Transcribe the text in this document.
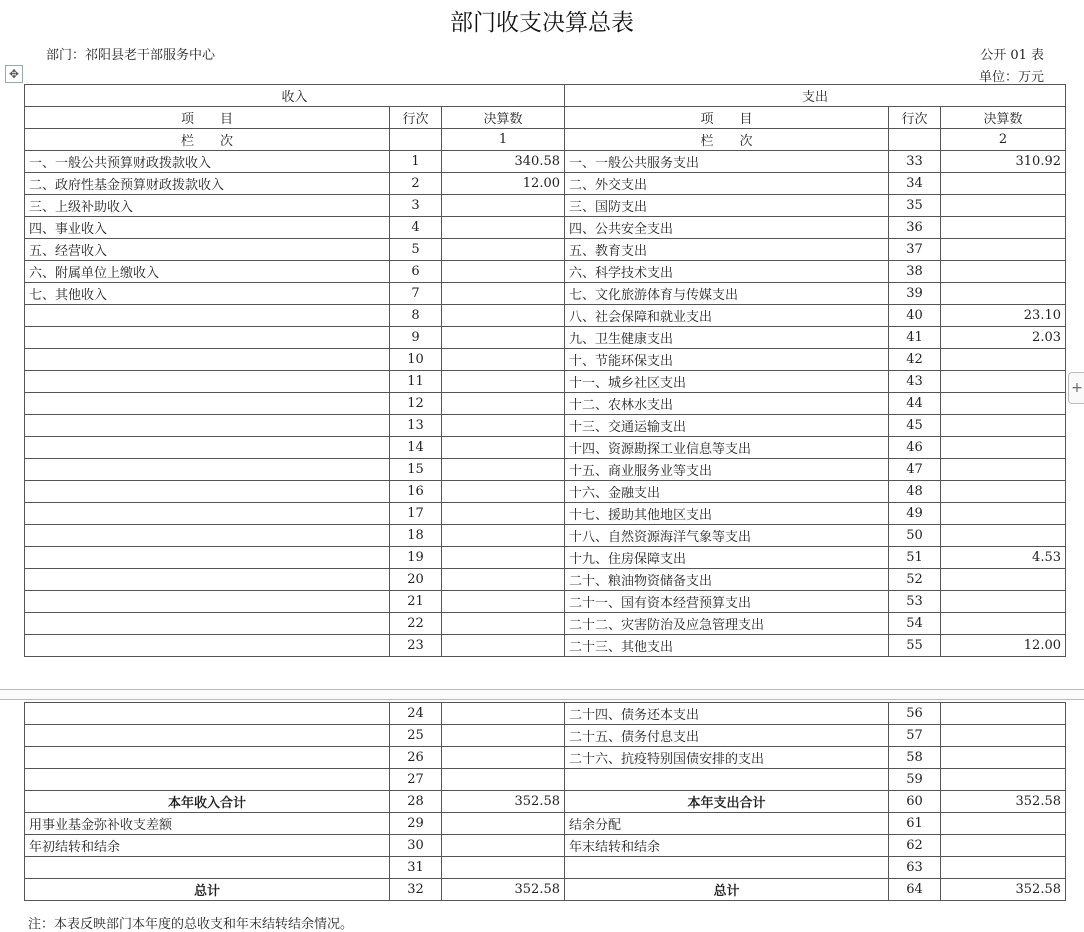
部门收支决算总表
部门：祁阳县老干部服务中心	公开 01 表
单位：万元
✥
+
收入			支出		
项　　目	行次	决算数	项　　目	行次	决算数
栏　　次		1	栏　　次		2
一、一般公共预算财政拨款收入	1	340.58	一、一般公共服务支出	33	310.92
二、政府性基金预算财政拨款收入	2	12.00	二、外交支出	34	
三、上级补助收入	3		三、国防支出	35	
四、事业收入	4		四、公共安全支出	36	
五、经营收入	5		五、教育支出	37	
六、附属单位上缴收入	6		六、科学技术支出	38	
七、其他收入	7		七、文化旅游体育与传媒支出	39	
	8		八、社会保障和就业支出	40	23.10
	9		九、卫生健康支出	41	2.03
	10		十、节能环保支出	42	
	11		十一、城乡社区支出	43	
	12		十二、农林水支出	44	
	13		十三、交通运输支出	45	
	14		十四、资源勘探工业信息等支出	46	
	15		十五、商业服务业等支出	47	
	16		十六、金融支出	48	
	17		十七、援助其他地区支出	49	
	18		十八、自然资源海洋气象等支出	50	
	19		十九、住房保障支出	51	4.53
	20		二十、粮油物资储备支出	52	
	21		二十一、国有资本经营预算支出	53	
	22		二十二、灾害防治及应急管理支出	54	
	23		二十三、其他支出	55	12.00
	24		二十四、债务还本支出	56	
	25		二十五、债务付息支出	57	
	26		二十六、抗疫特别国债安排的支出	58	
	27			59	
本年收入合计	28	352.58	本年支出合计	60	352.58
用事业基金弥补收支差额	29		结余分配	61	
年初结转和结余	30		年末结转和结余	62	
	31			63	
总计	32	352.58	总计	64	352.58
注：本表反映部门本年度的总收支和年末结转结余情况。
